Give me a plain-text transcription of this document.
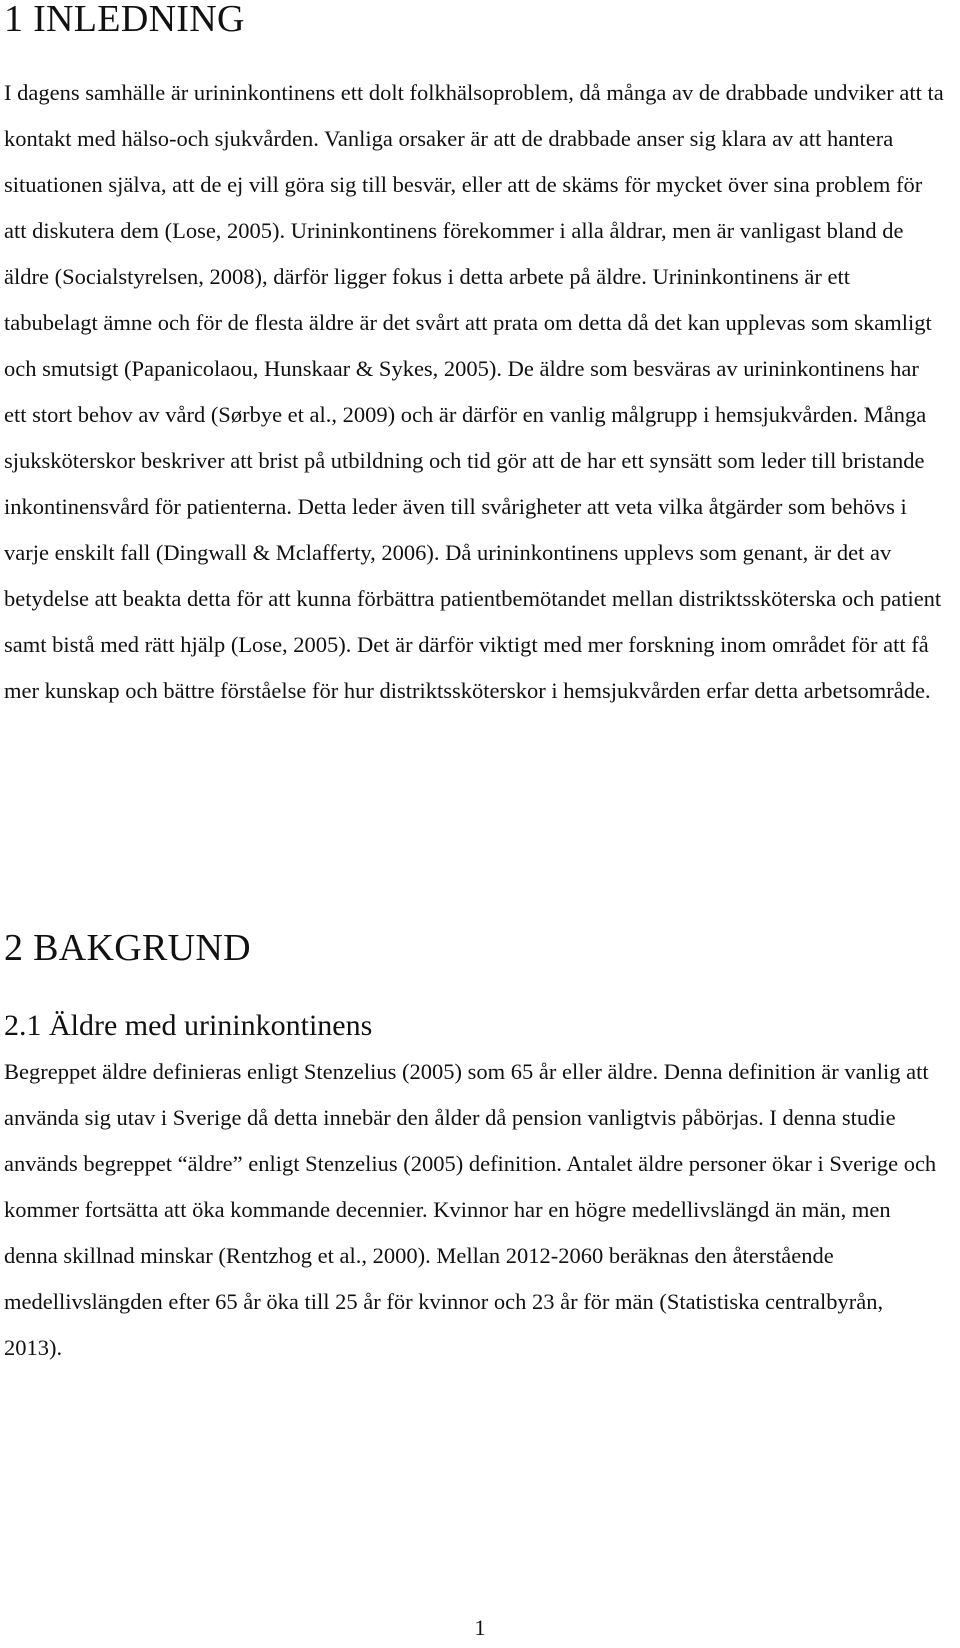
1 INLEDNING

I dagens samhälle är urininkontinens ett dolt folkhälsoproblem, då många av de drabbade undviker att ta kontakt med hälso-och sjukvården. Vanliga orsaker är att de drabbade anser sig klara av att hantera situationen själva, att de ej vill göra sig till besvär, eller att de skäms för mycket över sina problem för att diskutera dem (Lose, 2005). Urininkontinens förekommer i alla åldrar, men är vanligast bland de äldre (Socialstyrelsen, 2008), därför ligger fokus i detta arbete på äldre. Urininkontinens är ett tabubelagt ämne och för de flesta äldre är det svårt att prata om detta då det kan upplevas som skamligt och smutsigt (Papanicolaou, Hunskaar & Sykes, 2005). De äldre som besväras av urininkontinens har ett stort behov av vård (Sørbye et al., 2009) och är därför en vanlig målgrupp i hemsjukvården. Många sjuksköterskor beskriver att brist på utbildning och tid gör att de har ett synsätt som leder till bristande inkontinensvård för patienterna. Detta leder även till svårigheter att veta vilka åtgärder som behövs i varje enskilt fall (Dingwall & Mclafferty, 2006). Då urininkontinens upplevs som genant, är det av betydelse att beakta detta för att kunna förbättra patientbemötandet mellan distriktssköterska och patient samt bistå med rätt hjälp (Lose, 2005). Det är därför viktigt med mer forskning inom området för att få mer kunskap och bättre förståelse för hur distriktssköterskor i hemsjukvården erfar detta arbetsområde.

2 BAKGRUND
2.1 Äldre med urininkontinens

Begreppet äldre definieras enligt Stenzelius (2005) som 65 år eller äldre. Denna definition är vanlig att använda sig utav i Sverige då detta innebär den ålder då pension vanligtvis påbörjas. I denna studie används begreppet “äldre” enligt Stenzelius (2005) definition. Antalet äldre personer ökar i Sverige och kommer fortsätta att öka kommande decennier. Kvinnor har en högre medellivslängd än män, men denna skillnad minskar (Rentzhog et al., 2000). Mellan 2012-2060 beräknas den återstående medellivslängden efter 65 år öka till 25 år för kvinnor och 23 år för män (Statistiska centralbyrån, 2013).

1
